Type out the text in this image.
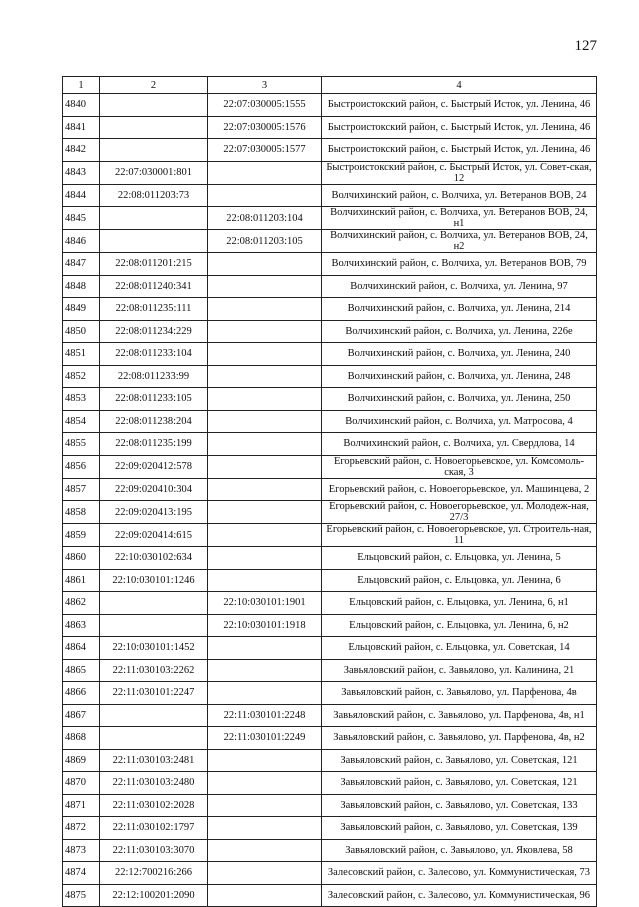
127
1	2	3	4
4840		22:07:030005:1555	Быстроистокский район, с. Быстрый Исток, ул. Ленина, 46
4841		22:07:030005:1576	Быстроистокский район, с. Быстрый Исток, ул. Ленина, 46
4842		22:07:030005:1577	Быстроистокский район, с. Быстрый Исток, ул. Ленина, 46
4843	22:07:030001:801		Быстроистокский район, с. Быстрый Исток, ул. Совет-ская, 12
4844	22:08:011203:73		Волчихинский район, с. Волчиха, ул. Ветеранов ВОВ, 24
4845		22:08:011203:104	Волчихинский район, с. Волчиха, ул. Ветеранов ВОВ, 24, н1
4846		22:08:011203:105	Волчихинский район, с. Волчиха, ул. Ветеранов ВОВ, 24, н2
4847	22:08:011201:215		Волчихинский район, с. Волчиха, ул. Ветеранов ВОВ, 79
4848	22:08:011240:341		Волчихинский район, с. Волчиха, ул. Ленина, 97
4849	22:08:011235:111		Волчихинский район, с. Волчиха, ул. Ленина, 214
4850	22:08:011234:229		Волчихинский район, с. Волчиха, ул. Ленина, 226е
4851	22:08:011233:104		Волчихинский район, с. Волчиха, ул. Ленина, 240
4852	22:08:011233:99		Волчихинский район, с. Волчиха, ул. Ленина, 248
4853	22:08:011233:105		Волчихинский район, с. Волчиха, ул. Ленина, 250
4854	22:08:011238:204		Волчихинский район, с. Волчиха, ул. Матросова, 4
4855	22:08:011235:199		Волчихинский район, с. Волчиха, ул. Свердлова, 14
4856	22:09:020412:578		Егорьевский район, с. Новоегорьевское, ул. Комсомоль-ская, 3
4857	22:09:020410:304		Егорьевский район, с. Новоегорьевское, ул. Машинцева, 2
4858	22:09:020413:195		Егорьевский район, с. Новоегорьевское, ул. Молодеж-ная, 27/3
4859	22:09:020414:615		Егорьевский район, с. Новоегорьевское, ул. Строитель-ная, 11
4860	22:10:030102:634		Ельцовский район, с. Ельцовка, ул. Ленина, 5
4861	22:10:030101:1246		Ельцовский район, с. Ельцовка, ул. Ленина, 6
4862		22:10:030101:1901	Ельцовский район, с. Ельцовка, ул. Ленина, 6, н1
4863		22:10:030101:1918	Ельцовский район, с. Ельцовка, ул. Ленина, 6, н2
4864	22:10:030101:1452		Ельцовский район, с. Ельцовка, ул. Советская, 14
4865	22:11:030103:2262		Завьяловский район, с. Завьялово, ул. Калинина, 21
4866	22:11:030101:2247		Завьяловский район, с. Завьялово, ул. Парфенова, 4в
4867		22:11:030101:2248	Завьяловский район, с. Завьялово, ул. Парфенова, 4в, н1
4868		22:11:030101:2249	Завьяловский район, с. Завьялово, ул. Парфенова, 4в, н2
4869	22:11:030103:2481		Завьяловский район, с. Завьялово, ул. Советская, 121
4870	22:11:030103:2480		Завьяловский район, с. Завьялово, ул. Советская, 121
4871	22:11:030102:2028		Завьяловский район, с. Завьялово, ул. Советская, 133
4872	22:11:030102:1797		Завьяловский район, с. Завьялово, ул. Советская, 139
4873	22:11:030103:3070		Завьяловский район, с. Завьялово, ул. Яковлева, 58
4874	22:12:700216:266		Залесовский район, с. Залесово, ул. Коммунистическая, 73
4875	22:12:100201:2090		Залесовский район, с. Залесово, ул. Коммунистическая, 96
